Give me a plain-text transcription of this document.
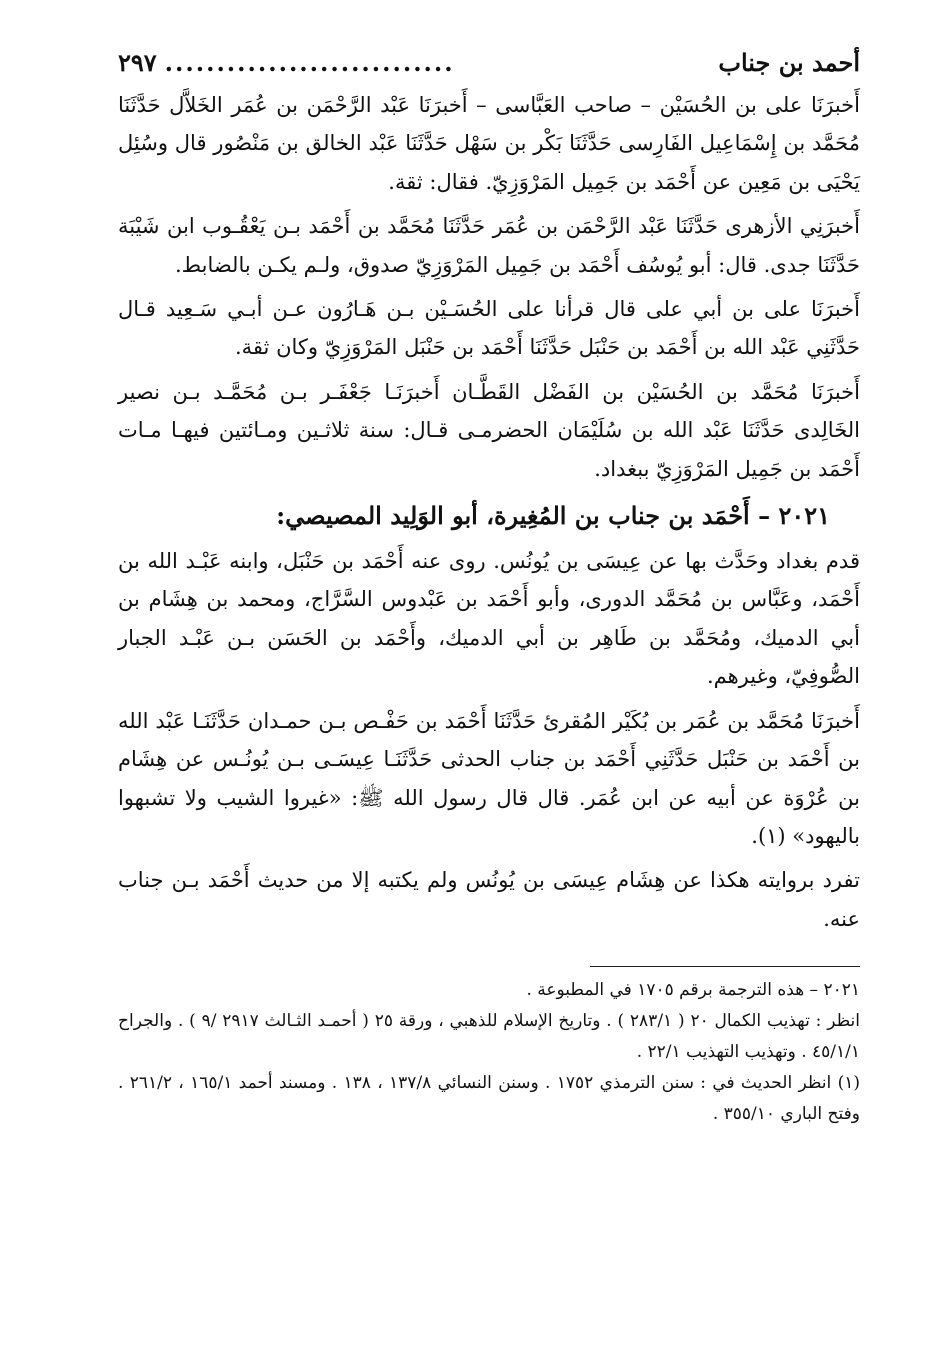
أحمد بن جناب
............................
٢٩٧

أَخبرَنَا على بن الحُسَيْن – صاحب العَبَّاسى – أَخبرَنَا عَبْد الرَّحْمَن بن عُمَر الخَلاَّل حَدَّثَنَا مُحَمَّد بن إِسْمَاعِيل الفَارِسى حَدَّثَنَا بَكْر بن سَهْل حَدَّثَنَا عَبْد الخالق بن مَنْصُور قال وسُئِل يَحْيَى بن مَعِين عن أَحْمَد بن جَمِيل المَرْوَزِيّ. فقال: ثقة.

أَخبرَنِي الأزهرى حَدَّثَنَا عَبْد الرَّحْمَن بن عُمَر حَدَّثَنَا مُحَمَّد بن أَحْمَد بـن يَعْقُـوب ابن شَيْبَة حَدَّثَنَا جدى. قال: أبو يُوسُف أَحْمَد بن جَمِيل المَرْوَزِيّ صدوق، ولـم يكـن بالضابط.

أَخبرَنَا على بن أبي على قال قرأنا على الحُسَـيْن بـن هَـارُون عـن أبـي سَـعِيد قـال حَدَّثَنِي عَبْد الله بن أَحْمَد بن حَنْبَل حَدَّثَنَا أَحْمَد بن حَنْبَل المَرْوَزِيّ وكان ثقة.

أَخبرَنَا مُحَمَّد بن الحُسَيْن بن الفَضْل القَطَّـان أَخبرَنَـا جَعْفَـر بـن مُحَمَّـد بـن نصير الخَالِدى حَدَّثَنَا عَبْد الله بن سُلَيْمَان الحضرمـى قـال: سنة ثلاثـين ومـائتين فيهـا مـات أَحْمَد بن جَمِيل المَرْوَزِيّ ببغداد.

٢٠٢١ – أَحْمَد بن جناب بن المُغِيرة، أبو الوَلِيد المصيصي:

قدم بغداد وحَدَّث بها عن عِيسَى بن يُونُس. روى عنه أَحْمَد بن حَنْبَل، وابنه عَبْـد الله بن أَحْمَد، وعَبَّاس بن مُحَمَّد الدورى، وأبو أَحْمَد بن عَبْدوس السَّرَّاج، ومحمد بن هِشَام بن أبي الدميك، ومُحَمَّد بن طَاهِر بن أبي الدميك، وأَحْمَد بن الحَسَن بـن عَبْـد الجبار الصُّوفِيّ، وغيرهم.

أَخبرَنَا مُحَمَّد بن عُمَر بن بُكَيْر المُقرئ حَدَّثَنَا أَحْمَد بن حَفْـص بـن حمـدان حَدَّثَنَـا عَبْد الله بن أَحْمَد بن حَنْبَل حَدَّثَنِي أَحْمَد بن جناب الحدثى حَدَّثَنَـا عِيسَـى بـن يُونُـس عن هِشَام بن عُرْوَة عن أبيه عن ابن عُمَر. قال قال رسول الله ﷺ: «غيروا الشيب ولا تشبهوا باليهود» (١).

تفرد بروايته هكذا عن هِشَام عِيسَى بن يُونُس ولم يكتبه إلا من حديث أَحْمَد بـن جناب عنه.

٢٠٢١ – هذه الترجمة برقم ١٧٠٥ في المطبوعة .

انظر : تهذيب الكمال ٢٠ ( ٢٨٣/١ ) . وتاريخ الإسلام للذهبي ، ورقة ٢٥ ( أحمـد الثـالث ٢٩١٧ /٩ ) . والجراح ٤٥/١/١ . وتهذيب التهذيب ٢٢/١ .

(١) انظر الحديث في : سنن الترمذي ١٧٥٢ . وسنن النسائي ١٣٧/٨ ، ١٣٨ . ومسند أحمد ١٦٥/١ ، ٢٦١/٢ . وفتح الباري ٣٥٥/١٠ .
